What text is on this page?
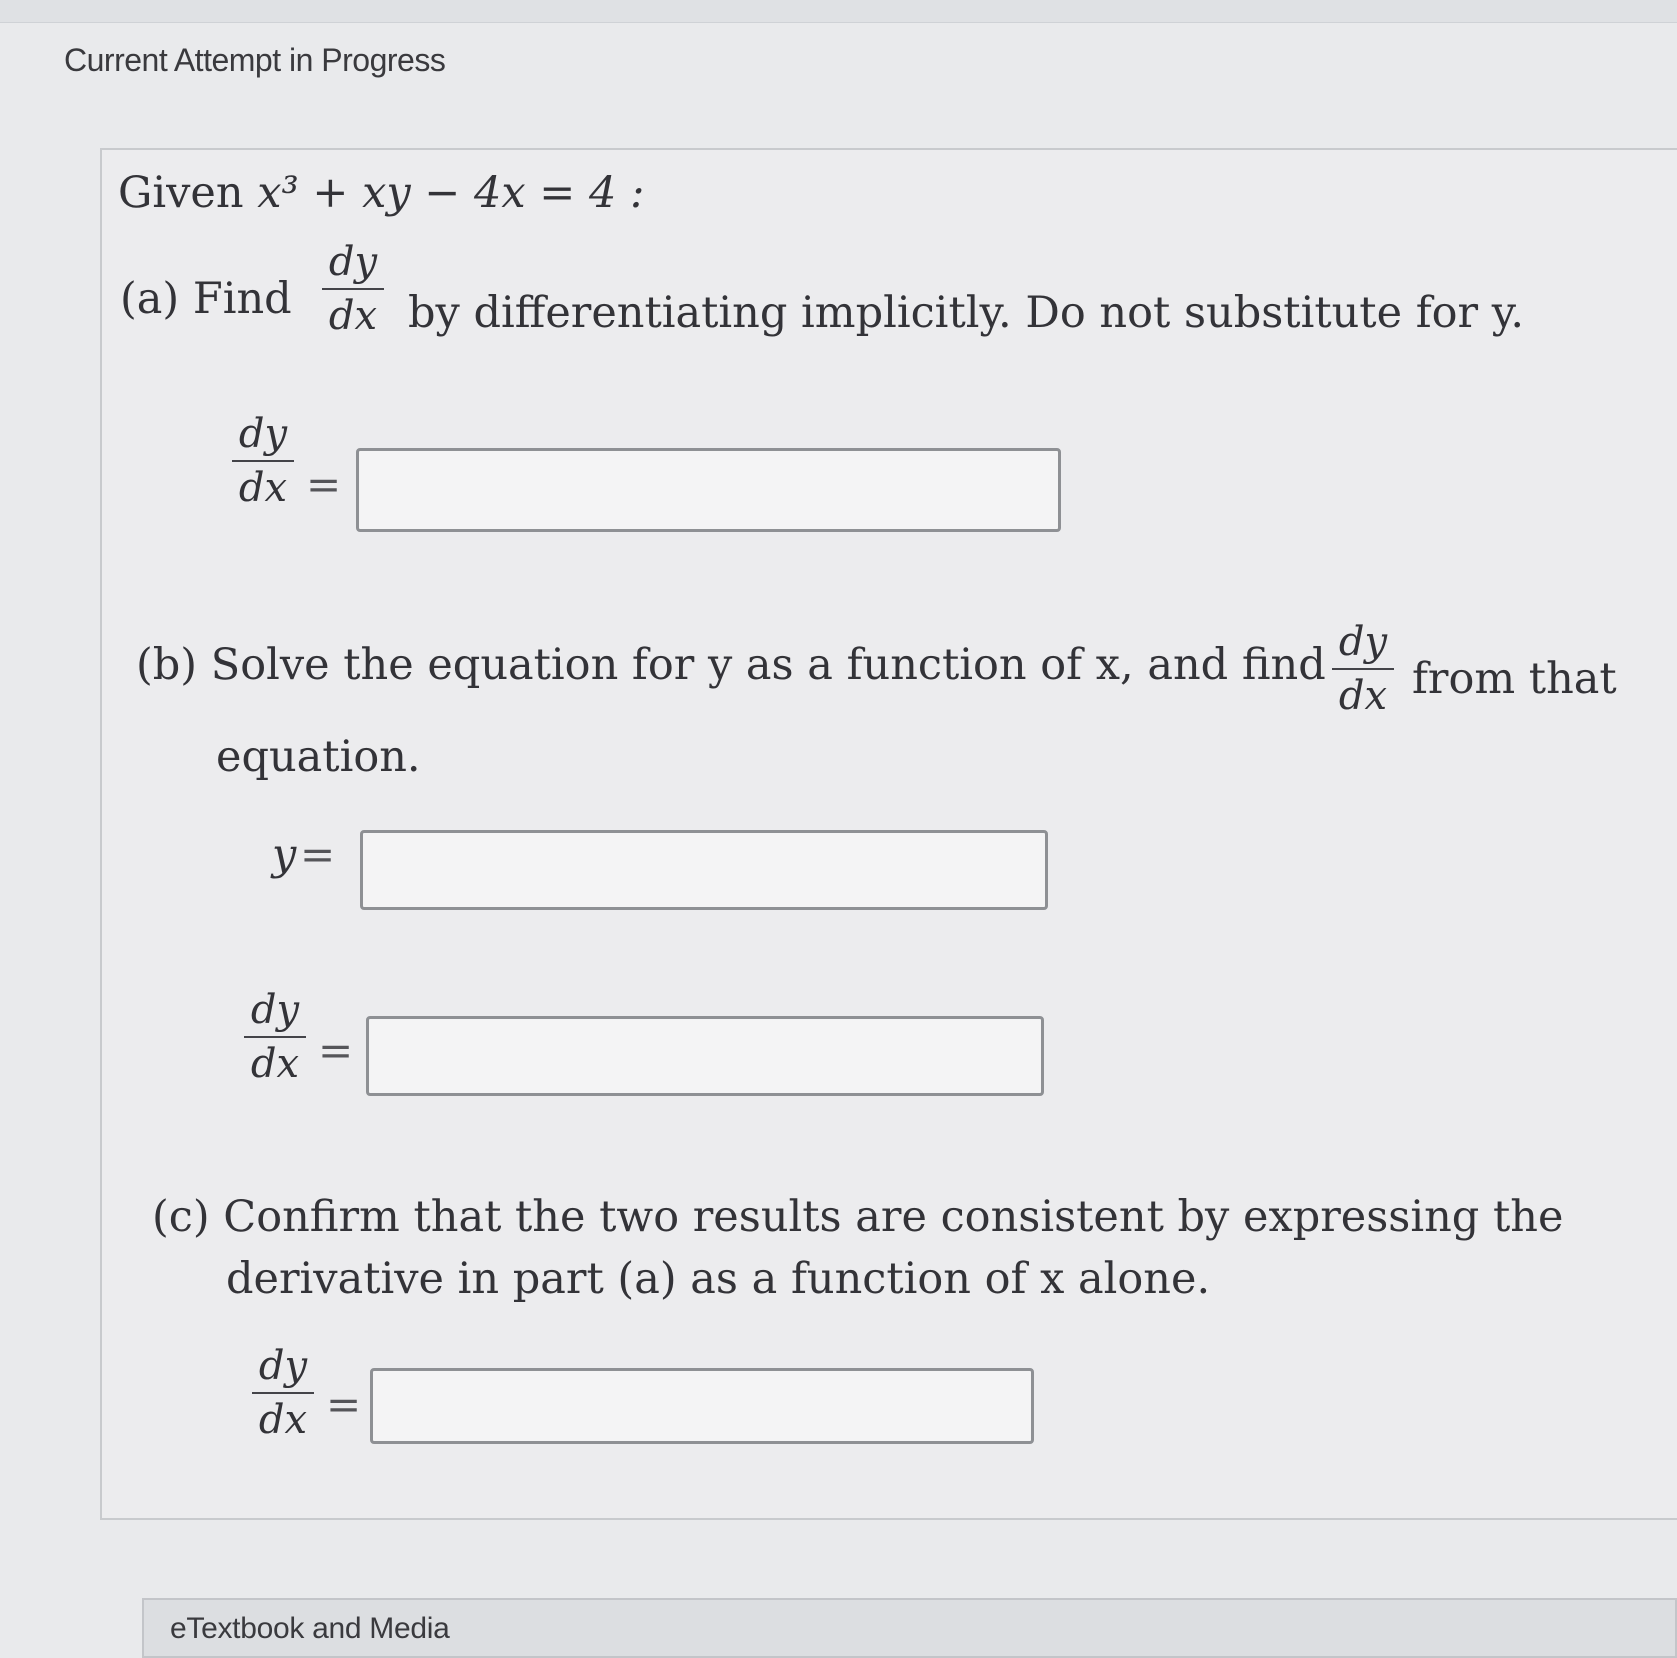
Current Attempt in Progress
Given x³ + xy − 4x = 4 :
(a) Find
dy
dx by differentiating implicitly. Do not substitute for y.
dy
dx =
(b) Solve the equation for y as a function of x, and find dy
dx from that
equation.
y =
dy
dx =
(c) Confirm that the two results are consistent by expressing the
derivative in part (a) as a function of x alone.
dy
dx =
eTextbook and Media
